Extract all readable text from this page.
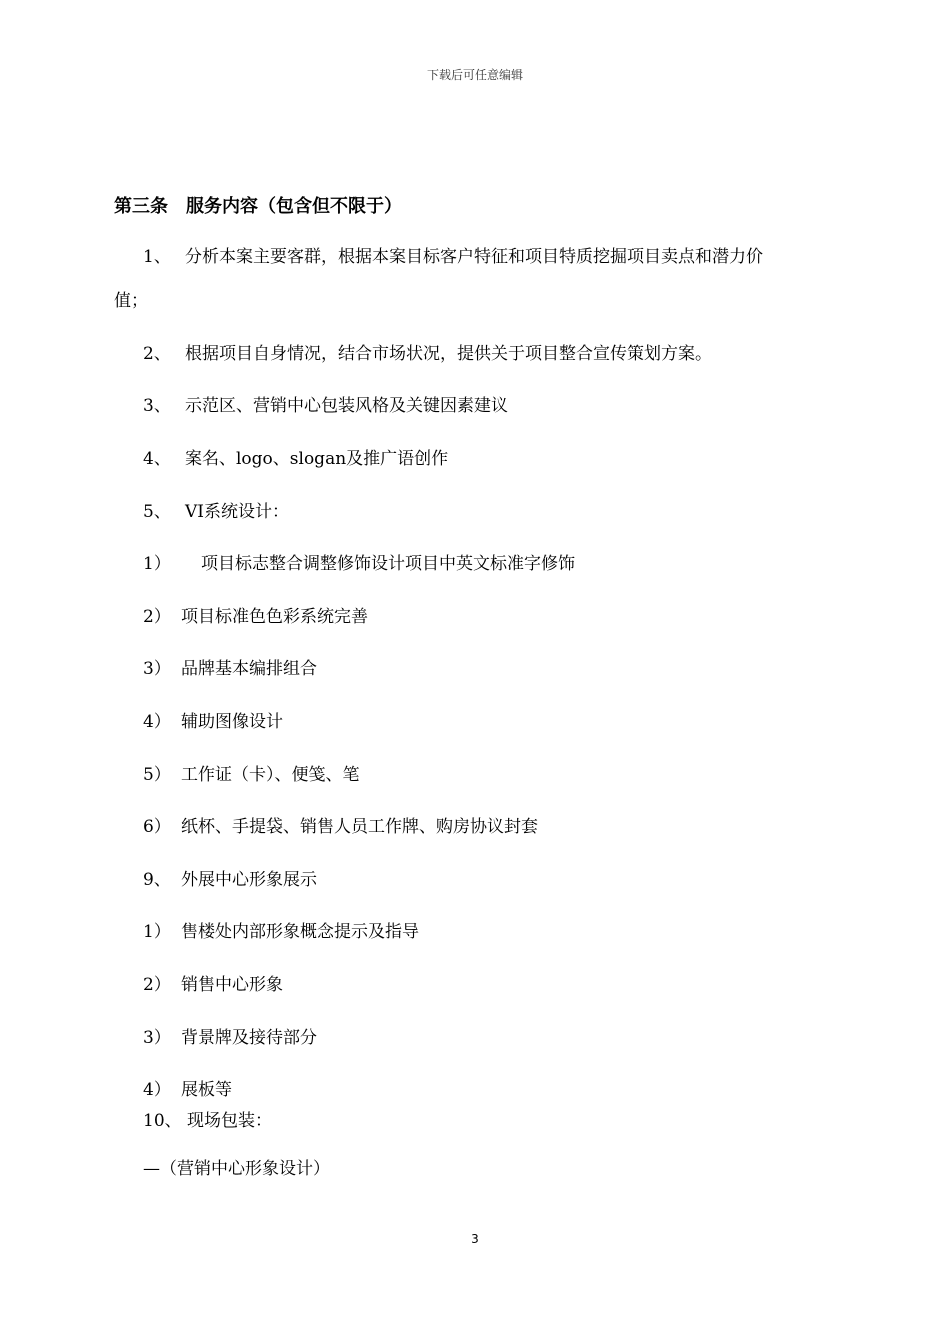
下载后可任意编辑
第三条　服务内容（包含但不限于）
1、 分析本案主要客群，根据本案目标客户特征和项目特质挖掘项目卖点和潜力价
值；
2、 根据项目自身情况，结合市场状况，提供关于项目整合宣传策划方案。
3、 示范区、营销中心包装风格及关键因素建议
4、 案名、logo、slogan及推广语创作
5、 VI系统设计：
1） 项目标志整合调整修饰设计项目中英文标准字修饰
2） 项目标准色色彩系统完善
3） 品牌基本编排组合
4） 辅助图像设计
5） 工作证（卡）、便笺、笔
6） 纸杯、手提袋、销售人员工作牌、购房协议封套
9、 外展中心形象展示
1） 售楼处内部形象概念提示及指导
2） 销售中心形象
3） 背景牌及接待部分
4） 展板等
10、 现场包装：
—（营销中心形象设计）
3
